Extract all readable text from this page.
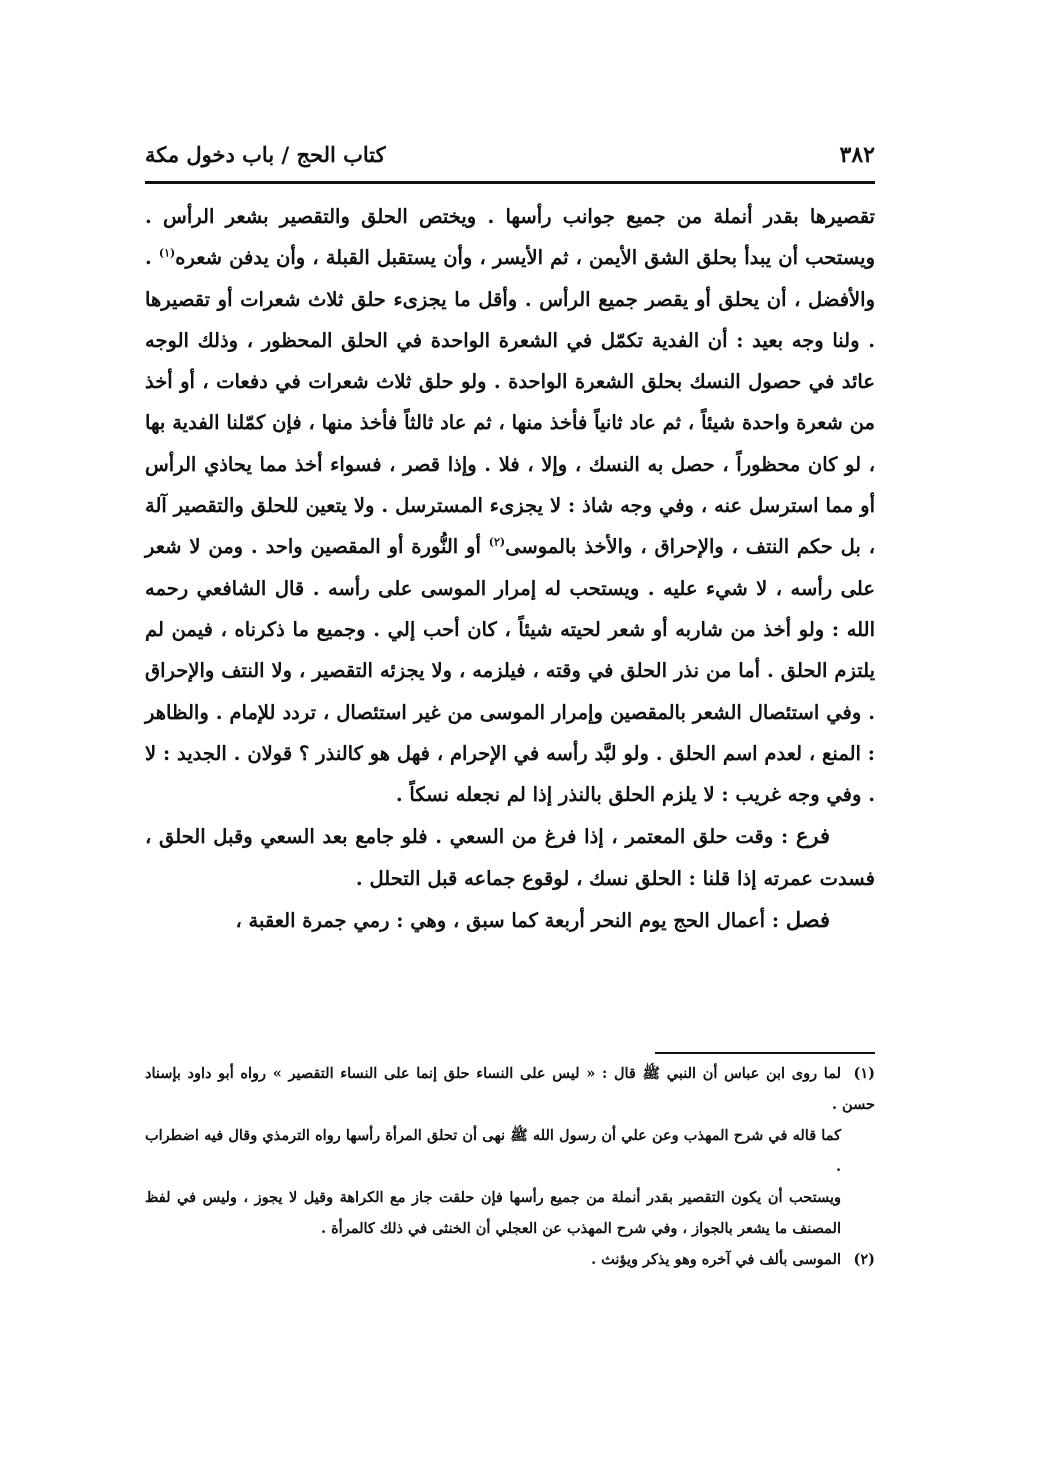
٣٨٢
كتاب الحج / باب دخول مكة

تقصيرها بقدر أنملة من جميع جوانب رأسها . ويختص الحلق والتقصير بشعر الرأس . ويستحب أن يبدأ بحلق الشق الأيمن ، ثم الأيسر ، وأن يستقبل القبلة ، وأن يدفن شعره$^{(١)}$ . والأفضل ، أن يحلق أو يقصر جميع الرأس . وأقل ما يجزىء حلق ثلاث شعرات أو تقصيرها . ولنا وجه بعيد : أن الفدية تكمّل في الشعرة الواحدة في الحلق المحظور ، وذلك الوجه عائد في حصول النسك بحلق الشعرة الواحدة . ولو حلق ثلاث شعرات في دفعات ، أو أخذ من شعرة واحدة شيئاً ، ثم عاد ثانياً فأخذ منها ، ثم عاد ثالثاً فأخذ منها ، فإن كمّلنا الفدية بها ، لو كان محظوراً ، حصل به النسك ، وإلا ، فلا . وإذا قصر ، فسواء أخذ مما يحاذي الرأس أو مما استرسل عنه ، وفي وجه شاذ : لا يجزىء المسترسل . ولا يتعين للحلق والتقصير آلة ، بل حكم النتف ، والإحراق ، والأخذ بالموسى$^{(٢)}$ أو النُّورة أو المقصين واحد . ومن لا شعر على رأسه ، لا شيء عليه . ويستحب له إمرار الموسى على رأسه . قال الشافعي رحمه الله : ولو أخذ من شاربه أو شعر لحيته شيئاً ، كان أحب إلي . وجميع ما ذكرناه ، فيمن لم يلتزم الحلق . أما من نذر الحلق في وقته ، فيلزمه ، ولا يجزئه التقصير ، ولا النتف والإحراق . وفي استئصال الشعر بالمقصين وإمرار الموسى من غير استئصال ، تردد للإمام . والظاهر : المنع ، لعدم اسم الحلق . ولو لبَّد رأسه في الإحرام ، فهل هو كالنذر ؟ قولان . الجديد : لا . وفي وجه غريب : لا يلزم الحلق بالنذر إذا لم نجعله نسكاً .

فرع : وقت حلق المعتمر ، إذا فرغ من السعي . فلو جامع بعد السعي وقبل الحلق ، فسدت عمرته إذا قلنا : الحلق نسك ، لوقوع جماعه قبل التحلل .

فصل : أعمال الحج يوم النحر أربعة كما سبق ، وهي : رمي جمرة العقبة ،

(١)لما روى ابن عباس أن النبي ﷺ قال : « ليس على النساء حلق إنما على النساء التقصير » رواه أبو داود بإسناد حسن .

كما قاله في شرح المهذب وعن علي أن رسول الله ﷺ نهى أن تحلق المرأة رأسها رواه الترمذي وقال فيه اضطراب .

ويستحب أن يكون التقصير بقدر أنملة من جميع رأسها فإن حلقت جاز مع الكراهة وقيل لا يجوز ، وليس في لفظ المصنف ما يشعر بالجواز ، وفي شرح المهذب عن العجلي أن الخنثى في ذلك كالمرأة .

(٢)الموسى بألف في آخره وهو يذكر ويؤنث .
